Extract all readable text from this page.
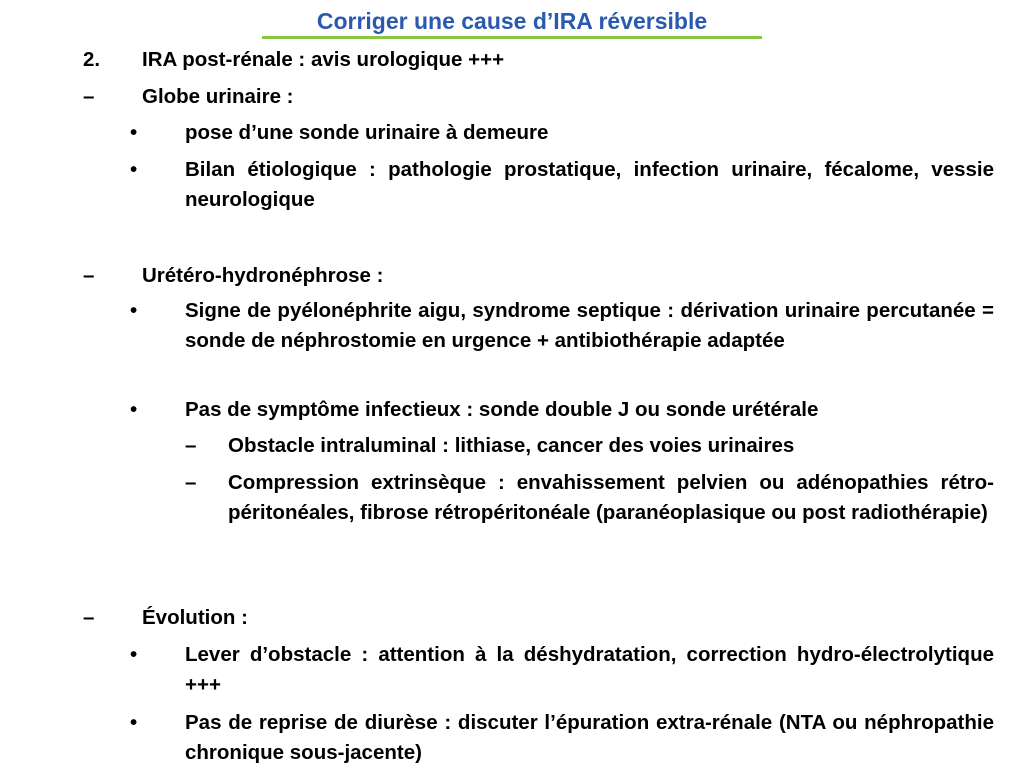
Corriger une cause d’IRA réversible
2. IRA post-rénale : avis urologique +++
– Globe urinaire :
• pose d’une sonde urinaire à demeure
• Bilan étiologique : pathologie prostatique, infection urinaire, fécalome, vessie neurologique
– Urétéro-hydronéphrose :
• Signe de pyélonéphrite aigu, syndrome septique : dérivation urinaire percutanée = sonde de néphrostomie en urgence + antibiothérapie adaptée
• Pas de symptôme infectieux : sonde double J ou sonde urétérale
– Obstacle intraluminal : lithiase, cancer des voies urinaires
– Compression extrinsèque : envahissement pelvien ou adénopathies rétro-péritonéales, fibrose rétropéritonéale (paranéoplasique ou post radiothérapie)
– Évolution :
• Lever d’obstacle : attention à la déshydratation, correction hydro-électrolytique +++
• Pas de reprise de diurèse : discuter l’épuration extra-rénale (NTA ou néphropathie chronique sous-jacente)
